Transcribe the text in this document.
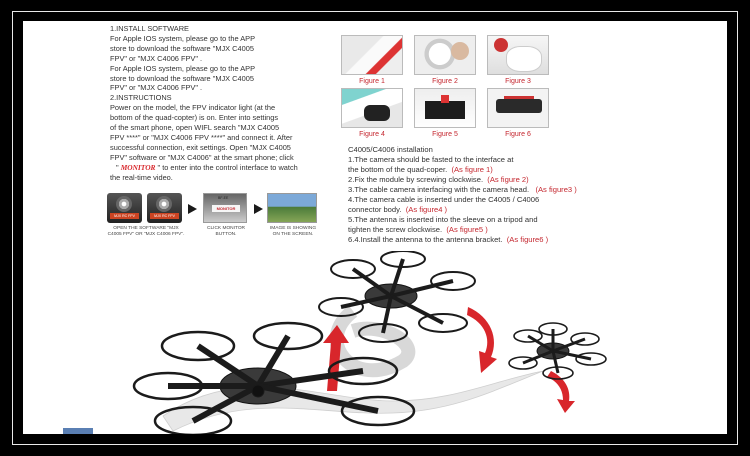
1.INSTALL SOFTWARE

For Apple IOS system, please go to the APP

store to download the software "MJX C4005

FPV" or "MJX C4006 FPV" .

For Apple IOS system, please go to the APP

store to download the software "MJX C4005

FPV" or "MJX C4006 FPV" .

2.INSTRUCTIONS

Power on the model, the FPV indicator light (at the

bottom of the quad-copter) is on. Enter into settings

of the smart phone, open WIFL search "MJX C4005

FPV ****" or "MJX C4006 FPV ****" and connect it. After

successful connection, exit settings. Open "MJX C4005

FPV" software or "MJX C4006" at the smart phone; click

" MONITOR " to enter into the control interface to watch

the real-time video.

MJX RC FPV	MJX RC FPV
OPEN THE SOFTWARE "MJX C4005 FPV" OR "MJX C4006 FPV".
BF-EE
MONITOR
CLICK MONITOR BUTTON.
IMAGE IS SHOWING ON THE SCREEN.
Figure 1	Figure 2	Figure 3
Figure 4	Figure 5	Figure 6

C4005/C4006 installation

1.The camera should be fasted to the interface at

the bottom of the quad-coper. (As figure 1)

2.Fix the module by screwing clockwise. (As figure 2)

3.The cable camera interfacing with the camera head. (As figure3 )

4.The camera cable is inserted under the C4005 / C4006

connector body. (As figure4 )

5.The antenna is inserted into the sleeve on a tripod and

tighten the screw clockwise. (As figure5 )

6.4.Install the antenna to the antenna bracket. (As figure6 )
